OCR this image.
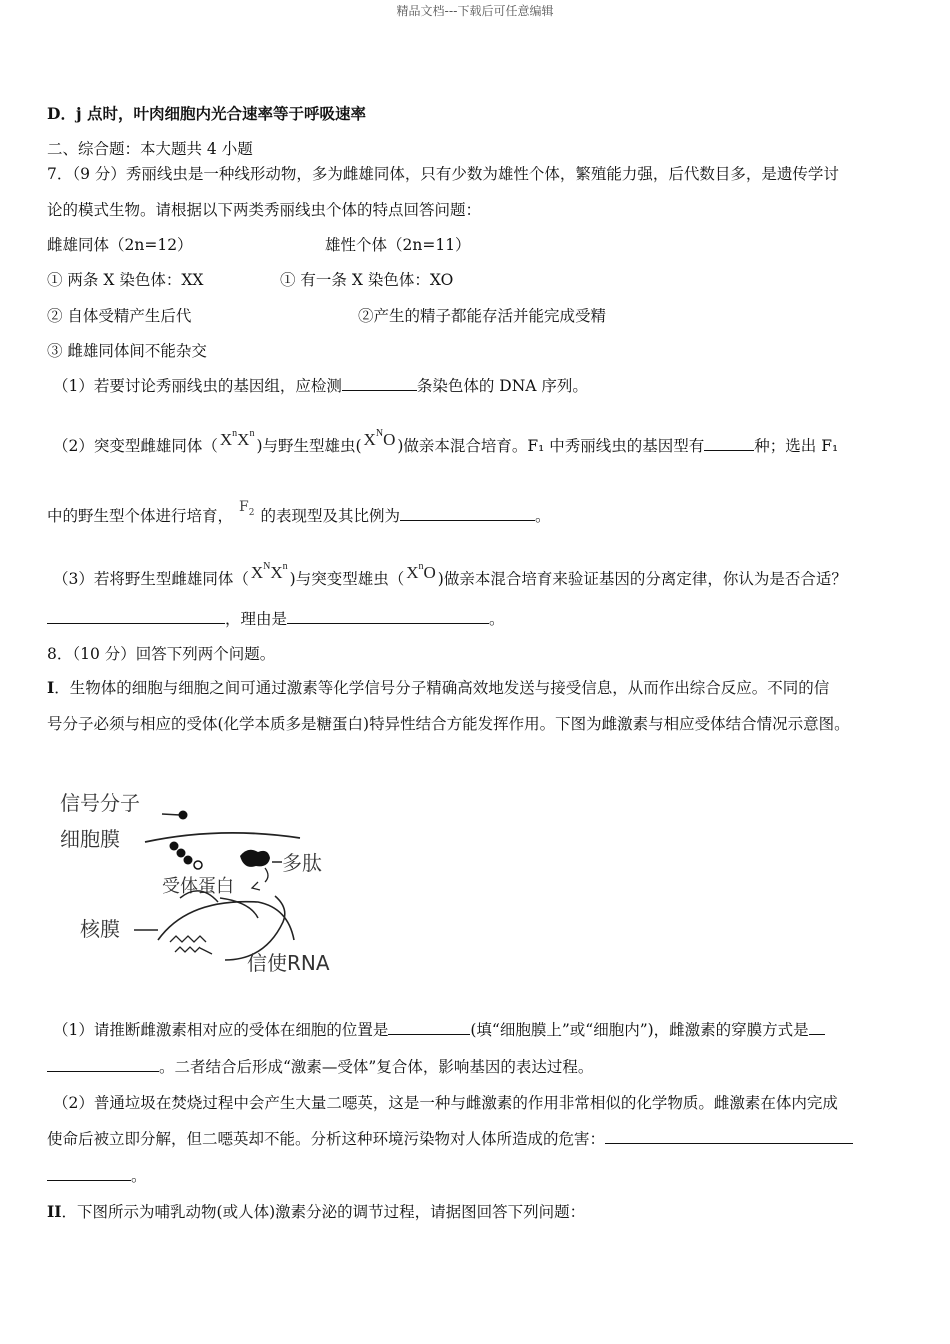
精品文档---下载后可任意编辑
D．j 点时，叶肉细胞内光合速率等于呼吸速率
二、综合题：本大题共 4 小题
7．（9 分）秀丽线虫是一种线形动物，多为雌雄同体，只有少数为雄性个体，繁殖能力强，后代数目多，是遗传学讨
论的模式生物。请根据以下两类秀丽线虫个体的特点回答问题：
雌雄同体（2n=12）	雄性个体（2n=11）
① 两条 X 染色体：XX	① 有一条 X 染色体：XO
② 自体受精产生后代	②产生的精子都能存活并能完成受精
③ 雌雄同体间不能杂交
（1）若要讨论秀丽线虫的基因组，应检测	条染色体的 DNA 序列。
（2）突变型雌雄同体（ $X^nX^n$)与野生型雄虫( $X^NO$ )做亲本混合培育。F₁ 中秀丽线虫的基因型有	种；选出 F₁
中的野生型个体进行培育， $F_2$ 的表现型及其比例为	。
（3）若将野生型雌雄同体（ $X^NX^n$)与突变型雄虫（ $X^nO$ )做亲本混合培育来验证基因的分离定律，你认为是否合适？
，理由是	。
8．（10 分）回答下列两个问题。
I．生物体的细胞与细胞之间可通过激素等化学信号分子精确高效地发送与接受信息，从而作出综合反应。不同的信
号分子必须与相应的受体(化学本质多是糖蛋白)特异性结合方能发挥作用。下图为雌激素与相应受体结合情况示意图。
信号分子
细胞膜
多肽
受体蛋白
核膜
信使RNA
（1）请推断雌激素相对应的受体在细胞的位置是	(填“细胞膜上”或“细胞内”)，雌激素的穿膜方式是
。二者结合后形成“激素—受体”复合体，影响基因的表达过程。
（2）普通垃圾在焚烧过程中会产生大量二噁英，这是一种与雌激素的作用非常相似的化学物质。雌激素在体内完成
使命后被立即分解，但二噁英却不能。分析这种环境污染物对人体所造成的危害：
。
II．下图所示为哺乳动物(或人体)激素分泌的调节过程，请据图回答下列问题：
